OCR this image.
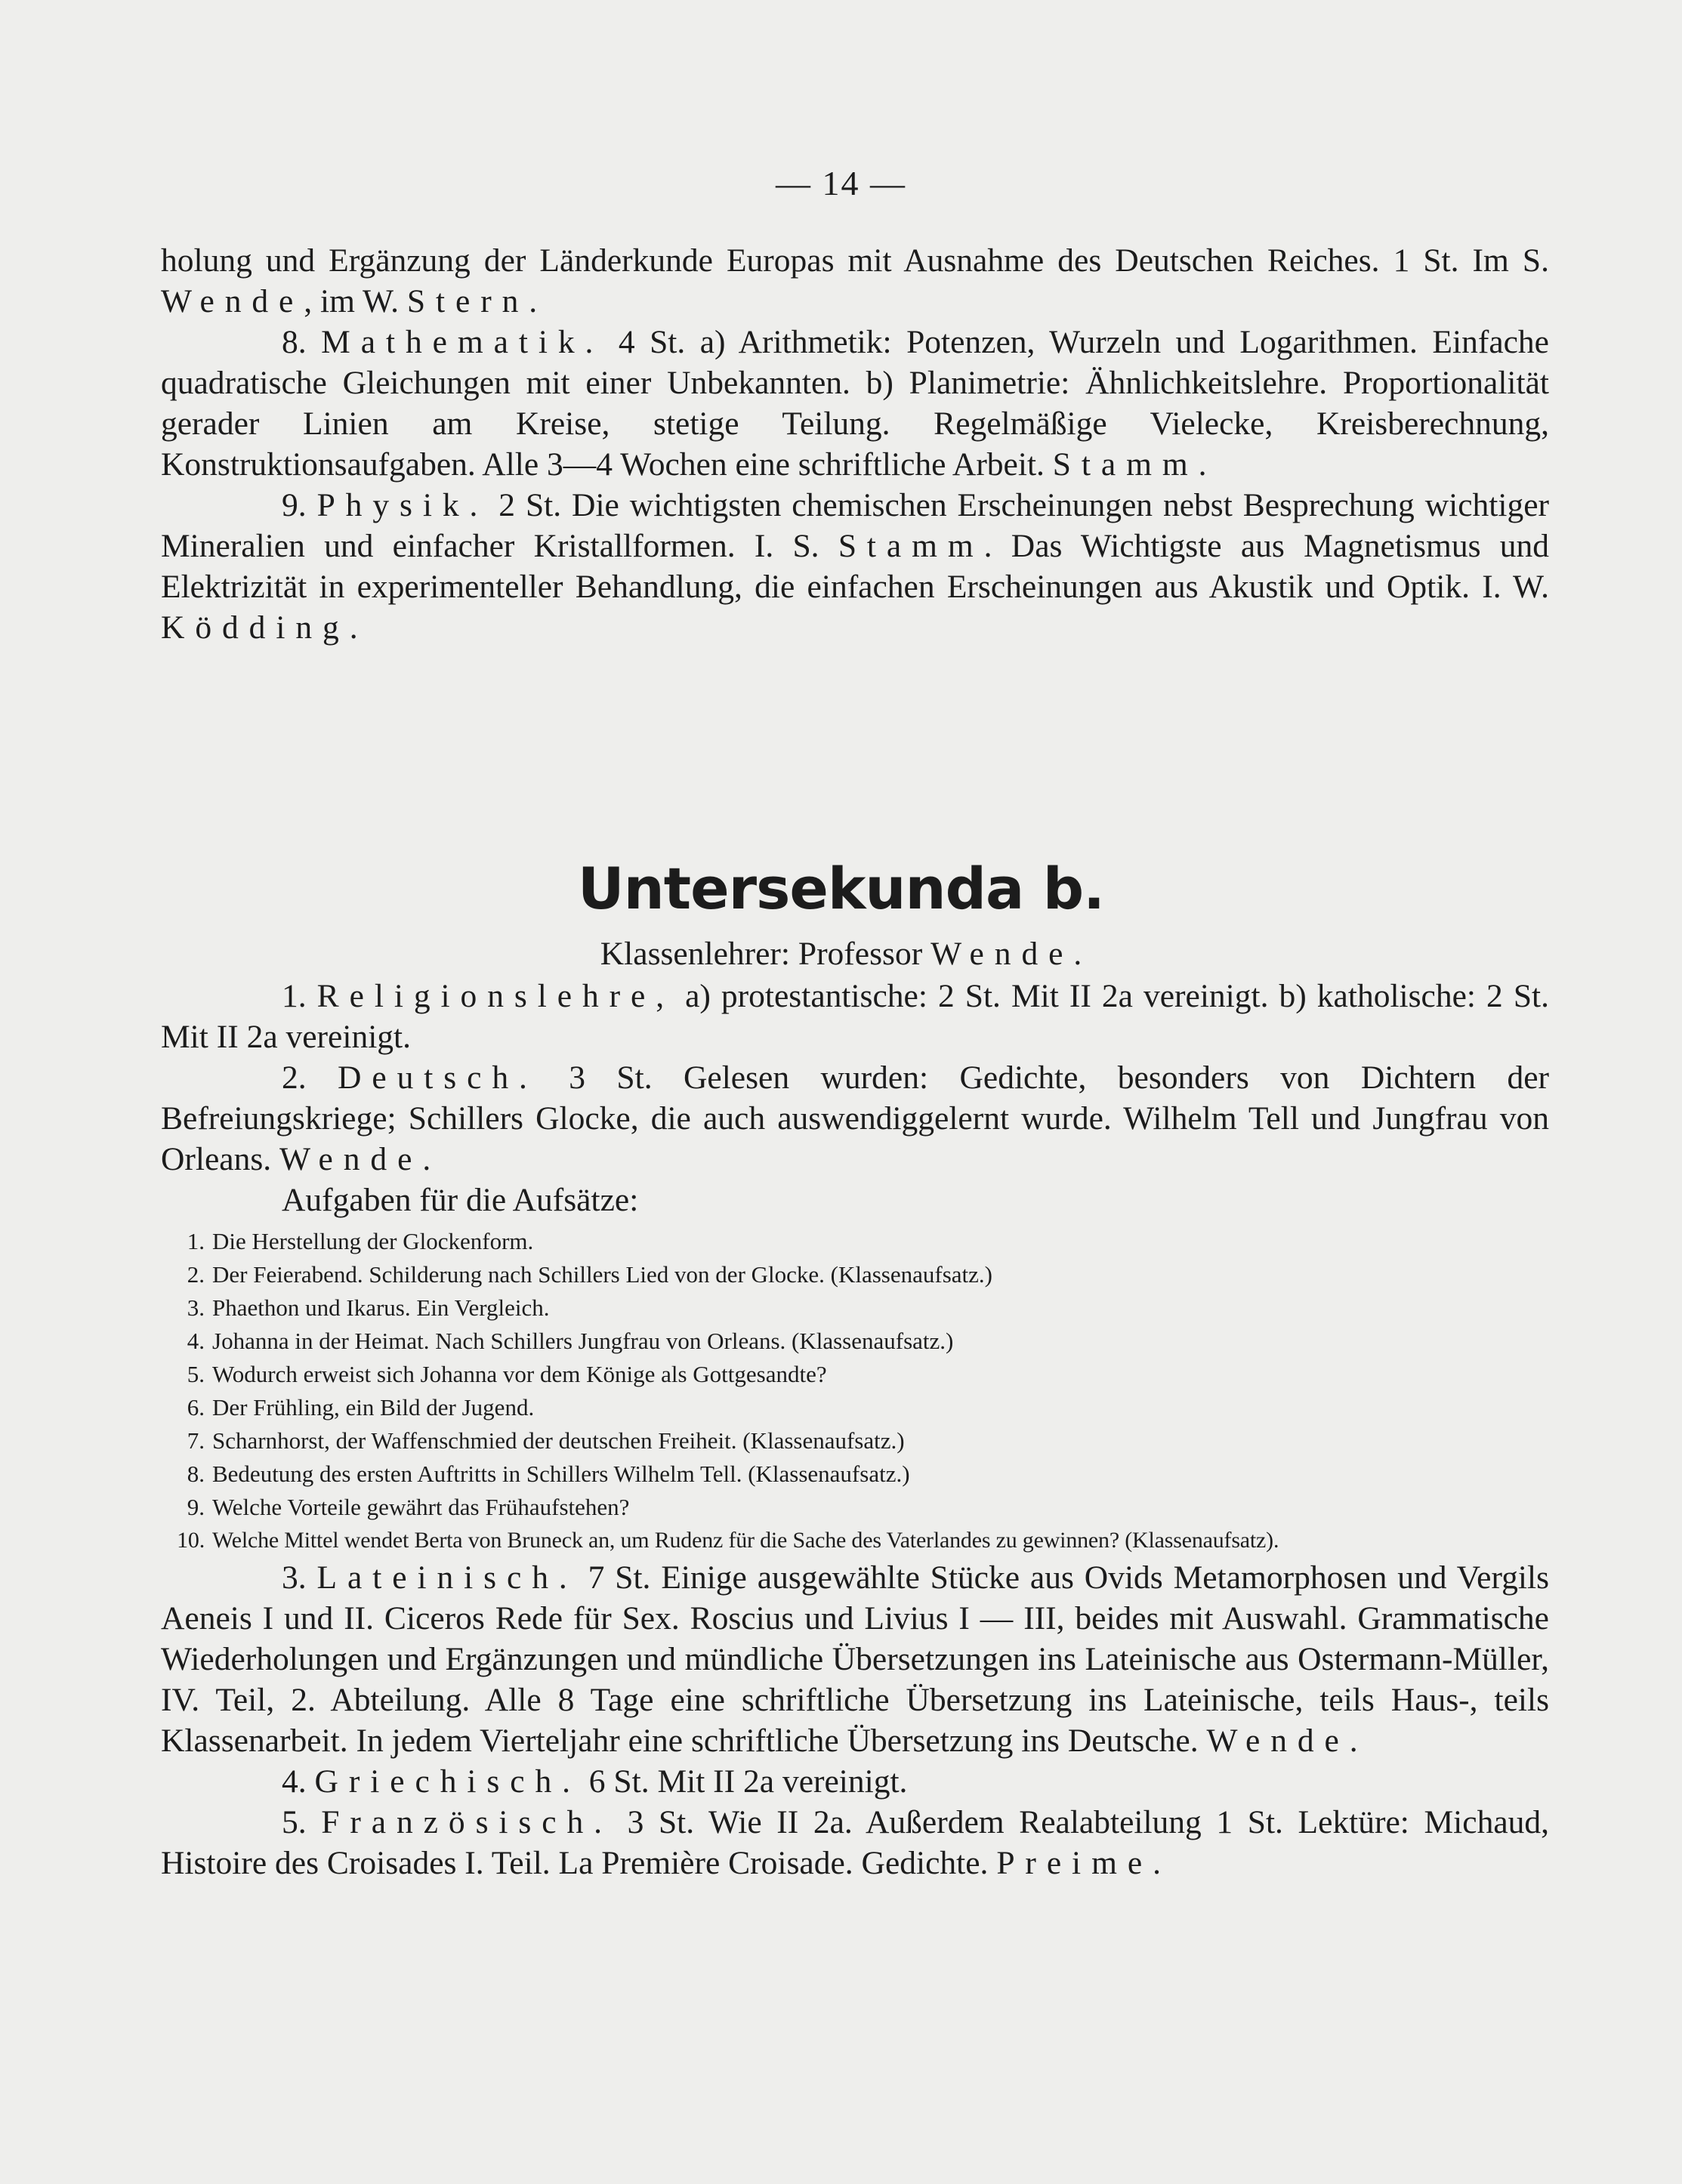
— 14 —

holung und Ergänzung der Länderkunde Europas mit Ausnahme des Deutschen Reiches. 1 St. Im S. Wende, im W. Stern.

8. Mathematik. 4 St. a) Arithmetik: Potenzen, Wurzeln und Logarithmen. Einfache quadratische Gleichungen mit einer Unbekannten. b) Planimetrie: Ähnlichkeitslehre. Proportionalität gerader Linien am Kreise, stetige Teilung. Regelmäßige Vielecke, Kreisberechnung, Konstruktionsaufgaben. Alle 3—4 Wochen eine schriftliche Arbeit. Stamm.

9. Physik. 2 St. Die wichtigsten chemischen Erscheinungen nebst Besprechung wichtiger Mineralien und einfacher Kristallformen. I. S. Stamm. Das Wichtigste aus Magnetismus und Elektrizität in experimenteller Behandlung, die einfachen Erscheinungen aus Akustik und Optik. I. W. Ködding.

Untersekunda b.
Klassenlehrer: Professor Wende.

1. Religionslehre, a) protestantische: 2 St. Mit II 2a vereinigt. b) katholische: 2 St. Mit II 2a vereinigt.

2. Deutsch. 3 St. Gelesen wurden: Gedichte, besonders von Dichtern der Befreiungskriege; Schillers Glocke, die auch auswendiggelernt wurde. Wilhelm Tell und Jungfrau von Orleans. Wende.

Aufgaben für die Aufsätze:

1. Die Herstellung der Glockenform.
2. Der Feierabend. Schilderung nach Schillers Lied von der Glocke. (Klassenaufsatz.)
3. Phaethon und Ikarus. Ein Vergleich.
4. Johanna in der Heimat. Nach Schillers Jungfrau von Orleans. (Klassenaufsatz.)
5. Wodurch erweist sich Johanna vor dem Könige als Gottgesandte?
6. Der Frühling, ein Bild der Jugend.
7. Scharnhorst, der Waffenschmied der deutschen Freiheit. (Klassenaufsatz.)
8. Bedeutung des ersten Auftritts in Schillers Wilhelm Tell. (Klassenaufsatz.)
9. Welche Vorteile gewährt das Frühaufstehen?
10. Welche Mittel wendet Berta von Bruneck an, um Rudenz für die Sache des Vaterlandes zu gewinnen? (Klassenaufsatz).

3. Lateinisch. 7 St. Einige ausgewählte Stücke aus Ovids Metamorphosen und Vergils Aeneis I und II. Ciceros Rede für Sex. Roscius und Livius I — III, beides mit Auswahl. Grammatische Wiederholungen und Ergänzungen und mündliche Übersetzungen ins Lateinische aus Ostermann-Müller, IV. Teil, 2. Abteilung. Alle 8 Tage eine schriftliche Übersetzung ins Lateinische, teils Haus-, teils Klassenarbeit. In jedem Vierteljahr eine schriftliche Übersetzung ins Deutsche. Wende.

4. Griechisch. 6 St. Mit II 2a vereinigt.

5. Französisch. 3 St. Wie II 2a. Außerdem Realabteilung 1 St. Lektüre: Michaud, Histoire des Croisades I. Teil. La Première Croisade. Gedichte. Preime.
